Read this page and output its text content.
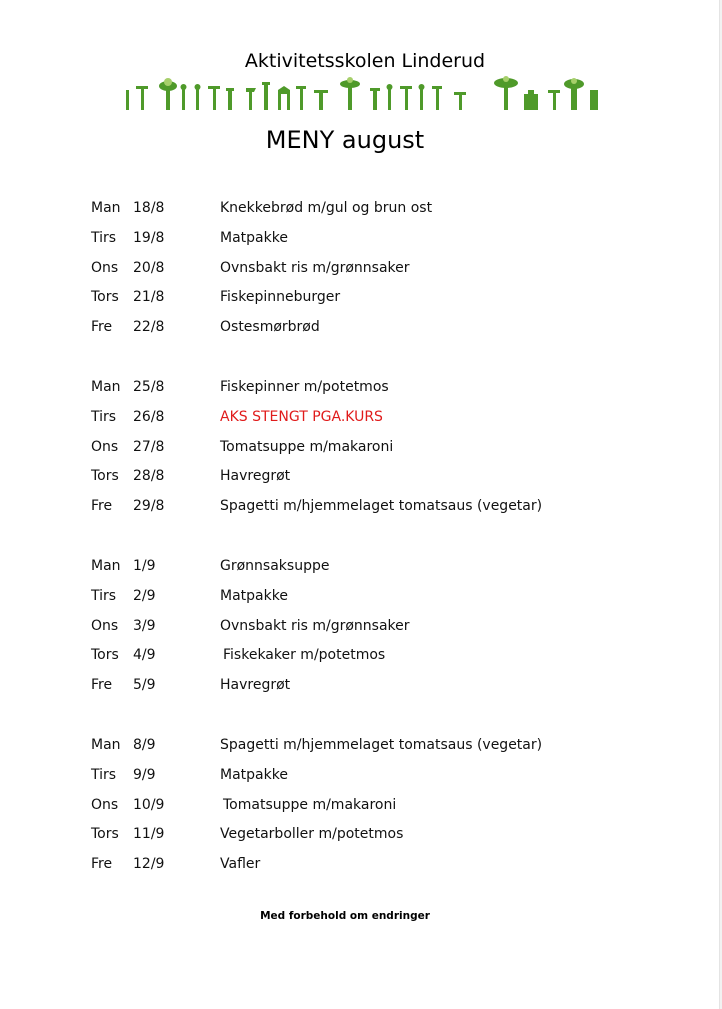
Aktivitetsskolen Linderud
MENY august
Man 18/8	Knekkebrød m/gul og brun ost
Tirs 19/8	Matpakke
Ons 20/8	Ovnsbakt ris m/grønnsaker
Tors 21/8	Fiskepinneburger
Fre 22/8	Ostesmørbrød
Man 25/8	Fiskepinner m/potetmos
Tirs 26/8	AKS STENGT PGA.KURS
Ons 27/8	Tomatsuppe m/makaroni
Tors 28/8	Havregrøt
Fre 29/8	Spagetti m/hjemmelaget tomatsaus (vegetar)
Man 1/9	Grønnsaksuppe
Tirs 2/9	Matpakke
Ons 3/9	Ovnsbakt ris m/grønnsaker
Tors 4/9	Fiskekaker m/potetmos
Fre 5/9	Havregrøt
Man 8/9	Spagetti m/hjemmelaget tomatsaus (vegetar)
Tirs 9/9	Matpakke
Ons 10/9	Tomatsuppe m/makaroni
Tors 11/9	Vegetarboller m/potetmos
Fre 12/9	Vafler
Med forbehold om endringer
